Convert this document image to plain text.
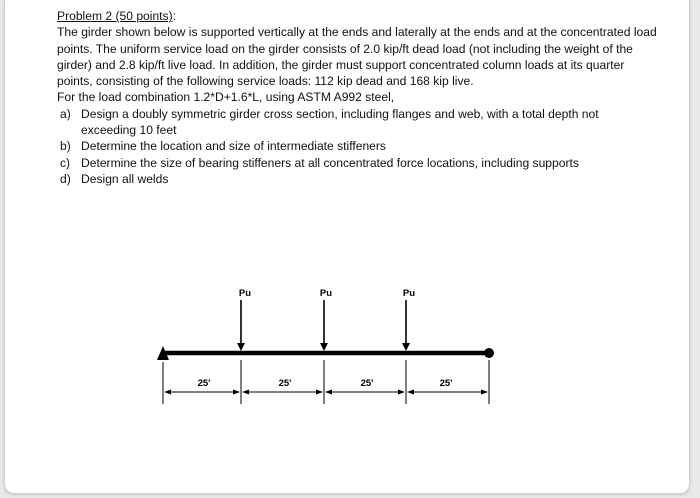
Problem 2 (50 points):

The girder shown below is supported vertically at the ends and laterally at the ends and at the concentrated load points. The uniform service load on the girder consists of 2.0 kip/ft dead load (not including the weight of the girder) and 2.8 kip/ft live load. In addition, the girder must support concentrated column loads at its quarter points, consisting of the following service loads: 112 kip dead and 168 kip live.

For the load combination 1.2*D+1.6*L, using ASTM A992 steel,

a) Design a doubly symmetric girder cross section, including flanges and web, with a total depth not exceeding 10 feet
b) Determine the location and size of intermediate stiffeners
c) Determine the size of bearing stiffeners at all concentrated force locations, including supports
d) Design all welds
Pu	Pu	Pu
25'	25'	25'	25'
